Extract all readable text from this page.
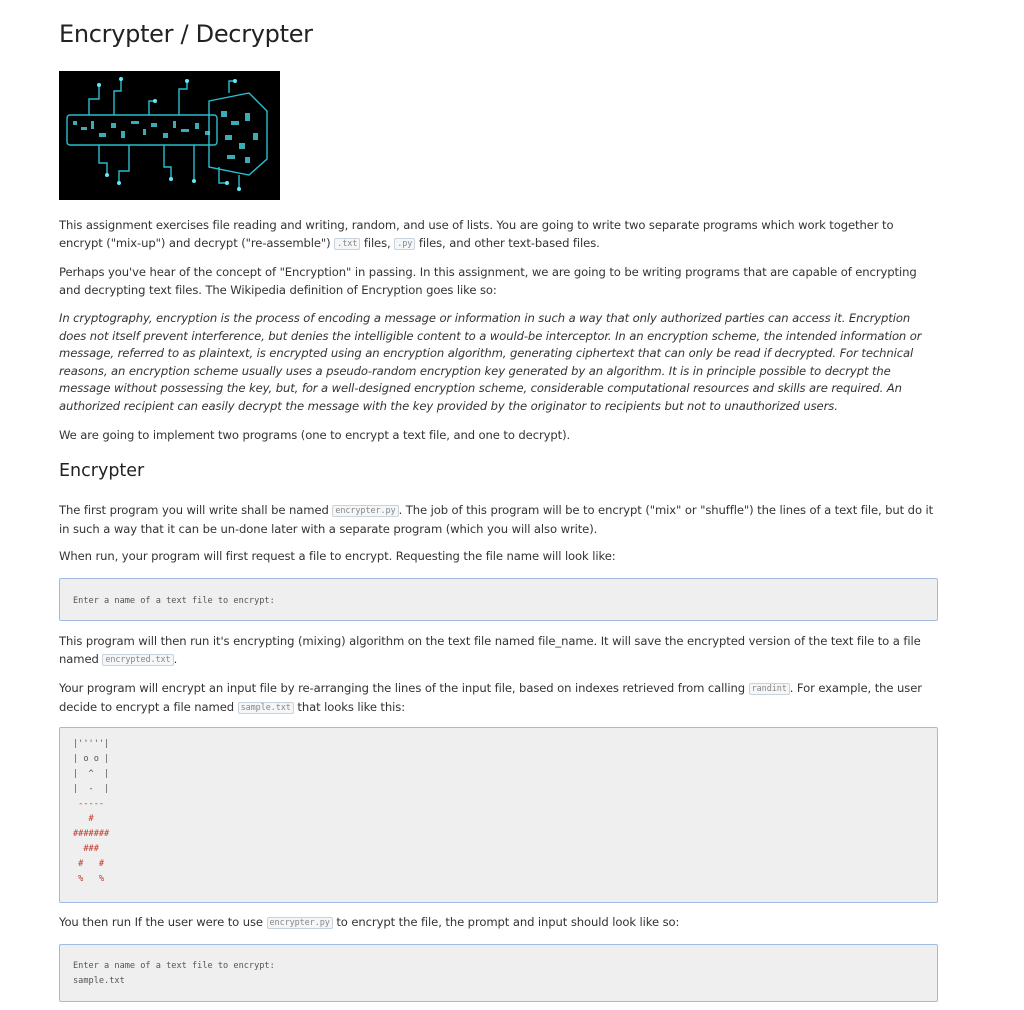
Encrypter / Decrypter

This assignment exercises file reading and writing, random, and use of lists. You are going to write two separate programs which work together to encrypt ("mix-up") and decrypt ("re-assemble") .txt files, .py files, and other text-based files.

Perhaps you've hear of the concept of "Encryption" in passing. In this assignment, we are going to be writing programs that are capable of encrypting and decrypting text files. The Wikipedia definition of Encryption goes like so:

In cryptography, encryption is the process of encoding a message or information in such a way that only authorized parties can access it. Encryption does not itself prevent interference, but denies the intelligible content to a would-be interceptor. In an encryption scheme, the intended information or message, referred to as plaintext, is encrypted using an encryption algorithm, generating ciphertext that can only be read if decrypted. For technical reasons, an encryption scheme usually uses a pseudo-random encryption key generated by an algorithm. It is in principle possible to decrypt the message without possessing the key, but, for a well-designed encryption scheme, considerable computational resources and skills are required. An authorized recipient can easily decrypt the message with the key provided by the originator to recipients but not to unauthorized users.

We are going to implement two programs (one to encrypt a text file, and one to decrypt).

Encrypter

The first program you will write shall be named encrypter.py . The job of this program will be to encrypt ("mix" or "shuffle") the lines of a text file, but do it in such a way that it can be un-done later with a separate program (which you will also write).

When run, your program will first request a file to encrypt. Requesting the file name will look like:

Enter a name of a text file to encrypt:

This program will then run it's encrypting (mixing) algorithm on the text file named file_name. It will save the encrypted version of the text file to a file named encrypted.txt .

Your program will encrypt an input file by re-arranging the lines of the input file, based on indexes retrieved from calling randint . For example, the user decide to encrypt a file named sample.txt that looks like this:

|'''''|
| o o |
|  ^  |
|  -  |
-----
#
#######
###
#   #
%   %

You then run If the user were to use encrypter.py to encrypt the file, the prompt and input should look like so:

Enter a name of a text file to encrypt:
sample.txt
